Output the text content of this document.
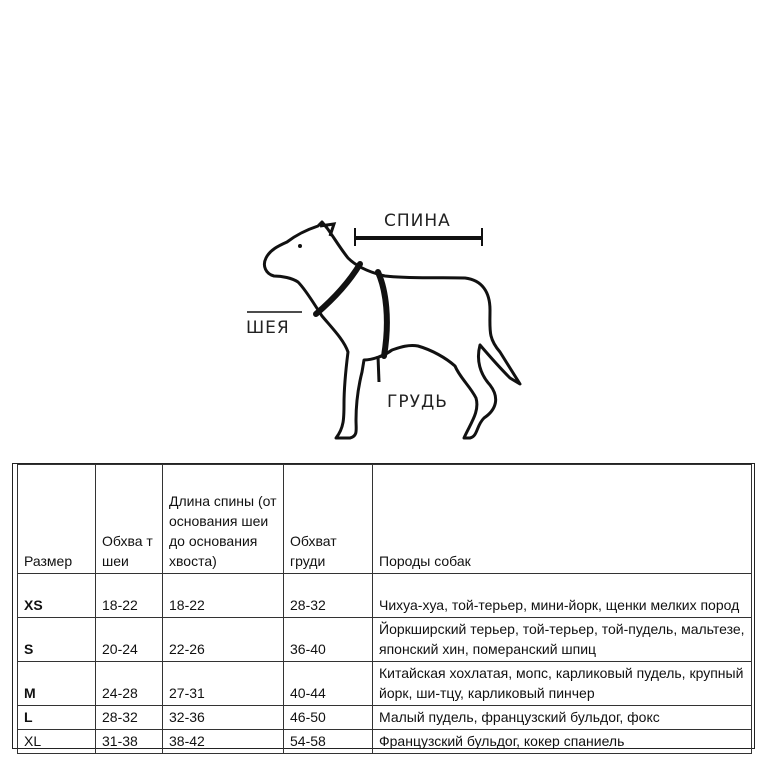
СПИНА
ШЕЯ
ГРУДЬ
Размер	Обхва т шеи	Длина спины (от основания шеи до основания хвоста)	Обхват груди	Породы собак
XS	18-22	18-22	28-32	Чихуа-хуа, той-терьер, мини-йорк, щенки мелких пород
S	20-24	22-26	36-40	Йоркширский терьер, той-терьер, той-пудель, мальтезе, японский хин, померанский шпиц
M	24-28	27-31	40-44	Китайская хохлатая, мопс, карликовый пудель, крупный йорк, ши-тцу, карликовый пинчер
L	28-32	32-36	46-50	Малый пудель, французский бульдог, фокс
XL	31-38	38-42	54-58	Французский бульдог, кокер спаниель
